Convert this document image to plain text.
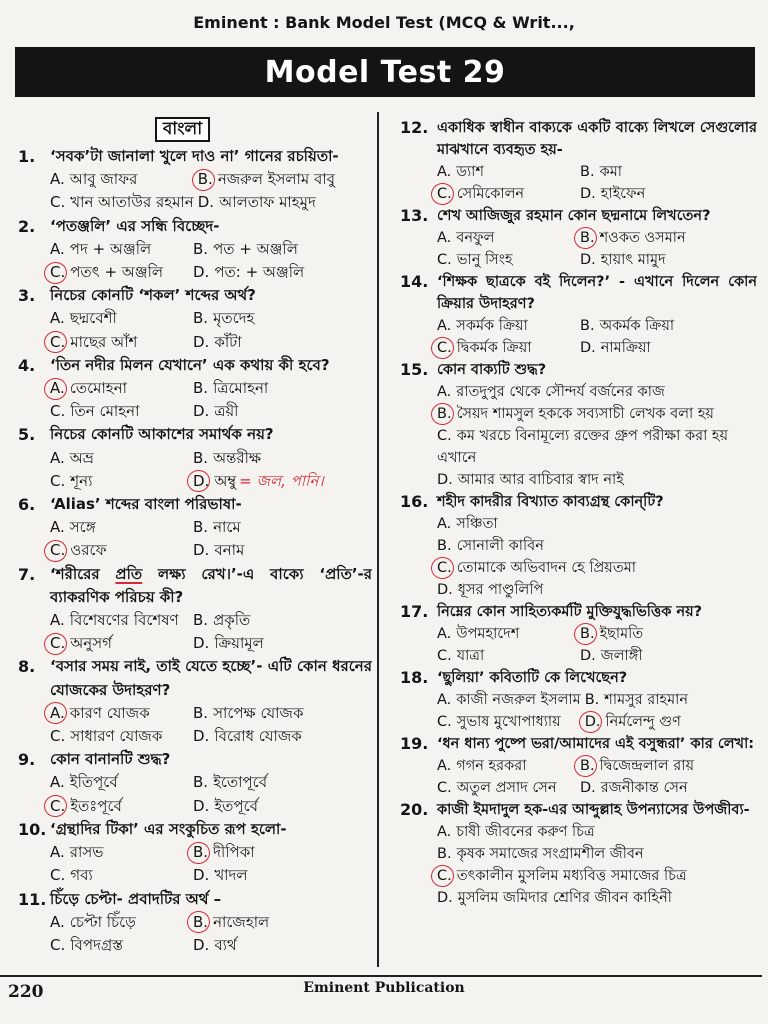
Eminent : Bank Model Test (MCQ & Writ...,
Model Test 29
বাংলা
1. ‘সবক’টা জানালা খুলে দাও না’ গানের রচয়িতা-
A. আবু জাফর	B. নজরুল ইসলাম বাবু
C. খান আতাউর রহমান D. আলতাফ মাহমুদ
2. ‘পতঞ্জলি’ এর সন্ধি বিচ্ছেদ-
A. পদ + অঞ্জলি	B. পত + অঞ্জলি
C. পতৎ + অঞ্জলি	D. পত: + অঞ্জলি
3. নিচের কোনটি ‘শকল’ শব্দের অর্থ?
A. ছদ্মবেশী	B. মৃতদেহ
C. মাছের আঁশ	D. কাঁটা
4. ‘তিন নদীর মিলন যেখানে’ এক কথায় কী হবে?
A. তেমোহনা	B. ত্রিমোহনা
C. তিন মোহনা	D. ত্রয়ী
5. নিচের কোনটি আকাশের সমার্থক নয়?
A. অভ্র	B. অন্তরীক্ষ
C. শূন্য	D. অম্বু = জল, পানি।
6. ‘Alias’ শব্দের বাংলা পরিভাষা-
A. সঙ্গে	B. নামে
C. ওরফে	D. বনাম
7. ‘শরীরের প্রতি লক্ষ্য রেখ।’-এ বাক্যে ‘প্রতি’-র ব্যাকরণিক পরিচয় কী?
A. বিশেষণের বিশেষণ B. প্রকৃতি
C. অনুসর্গ	D. ক্রিয়ামূল
8. ‘বসার সময় নাই, তাই যেতে হচ্ছে’- এটি কোন ধরনের যোজকের উদাহরণ?
A. কারণ যোজক	B. সাপেক্ষ যোজক
C. সাধারণ যোজক	D. বিরোধ যোজক
9. কোন বানানটি শুদ্ধ?
A. ইতিপূর্বে	B. ইতোপূর্বে
C. ইতঃপূর্বে	D. ইতপূর্বে
10. ‘গ্রন্থাদির টিকা’ এর সংকুচিত রূপ হলো-
A. রাসভ	B. দীপিকা
C. গব্য	D. খাদল
11. চিঁড়ে চেপ্টা- প্রবাদটির অর্থ –
A. চেপ্টা চিঁড়ে	B. নাজেহাল
C. বিপদগ্রস্ত	D. ব্যর্থ
12. একাধিক স্বাধীন বাক্যকে একটি বাক্যে লিখলে সেগুলোর মাঝখানে ব্যবহৃত হয়-
A. ড্যাশ	B. কমা
C. সেমিকোলন	D. হাইফেন
13. শেখ আজিজুর রহমান কোন ছদ্মনামে লিখতেন?
A. বনফুল	B. শওকত ওসমান
C. ভানু সিংহ	D. হায়াৎ মামুদ
14. ‘শিক্ষক ছাত্রকে বই দিলেন?’ - এখানে দিলেন কোন ক্রিয়ার উদাহরণ?
A. সকর্মক ক্রিয়া	B. অকর্মক ক্রিয়া
C. দ্বিকর্মক ক্রিয়া	D. নামক্রিয়া
15. কোন বাক্যটি শুদ্ধ?
A. রাতদুপুর থেকে সৌন্দর্য বর্জনের কাজ
B. সৈয়দ শামসুল হককে সব্যসাচী লেখক বলা হয়
C. কম খরচে বিনামূল্যে রক্তের গ্রুপ পরীক্ষা করা হয় এখানে
D. আমার আর বাচিবার স্বাদ নাই
16. শহীদ কাদরীর বিখ্যাত কাব্যগ্রন্থ কোন্‌টি?
A. সঞ্চিতা
B. সোনালী কাবিন
C. তোমাকে অভিবাদন হে প্রিয়তমা
D. ধূসর পাণ্ডুলিপি
17. নিম্নের কোন সাহিত্যকর্মটি মুক্তিযুদ্ধভিত্তিক নয়?
A. উপমহাদেশ	B. ইছামতি
C. যাত্রা	D. জলাঙ্গী
18. ‘ছুলিয়া’ কবিতাটি কে লিখেছেন?
A. কাজী নজরুল ইসলাম B. শামসুর রাহমান
C. সুভাষ মুখোপাধ্যায়	D. নির্মলেন্দু গুণ
19. ‘ধন ধান্য পুষ্পে ভরা/আমাদের এই বসুন্ধরা’ কার লেখা:
A. গগন হরকরা	B. দ্বিজেন্দ্রলাল রায়
C. অতুল প্রসাদ সেন	D. রজনীকান্ত সেন
20. কাজী ইমদাদুল হক-এর আব্দুল্লাহ উপন্যাসের উপজীব্য-
A. চাষী জীবনের করুণ চিত্র
B. কৃষক সমাজের সংগ্রামশীল জীবন
C. তৎকালীন মুসলিম মধ্যবিত্ত সমাজের চিত্র
D. মুসলিম জমিদার শ্রেণির জীবন কাহিনী
220	Eminent Publication
